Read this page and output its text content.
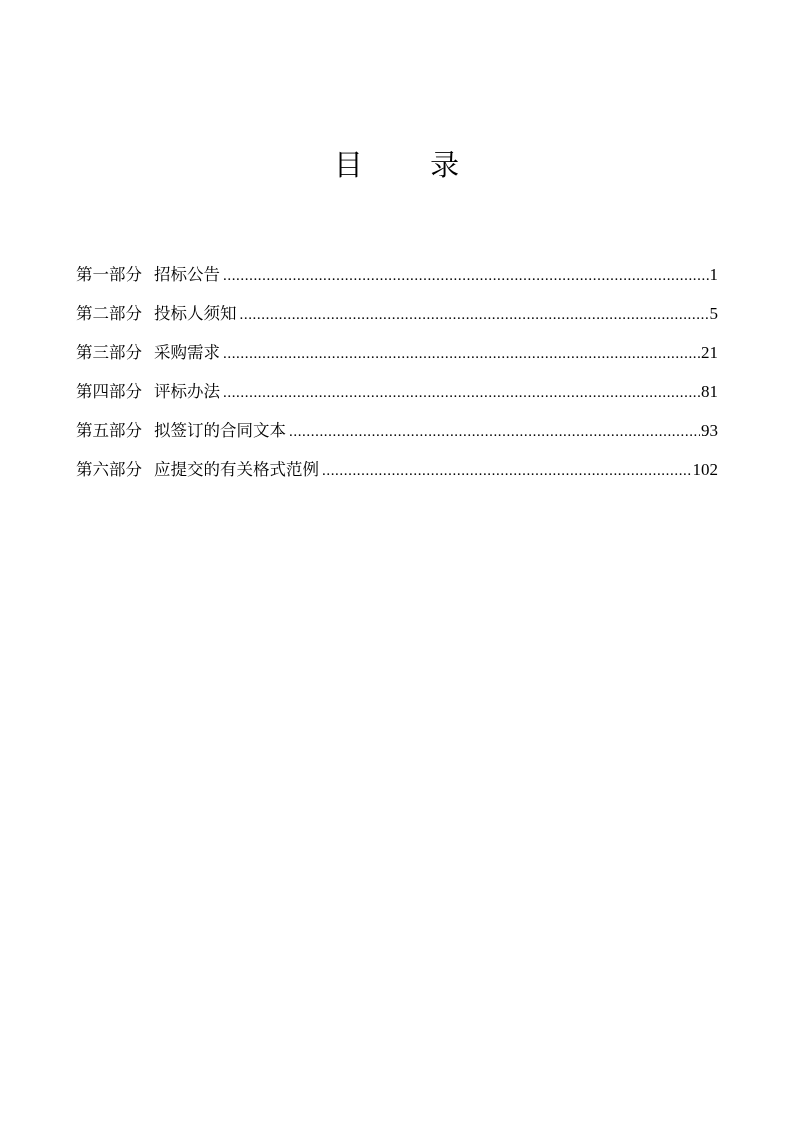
目 录
第一部分 招标公告 .....	1
第二部分 投标人须知 .....	5
第三部分 采购需求 .....	21
第四部分 评标办法 .....	81
第五部分 拟签订的合同文本 .....	93
第六部分 应提交的有关格式范例 .....	102
